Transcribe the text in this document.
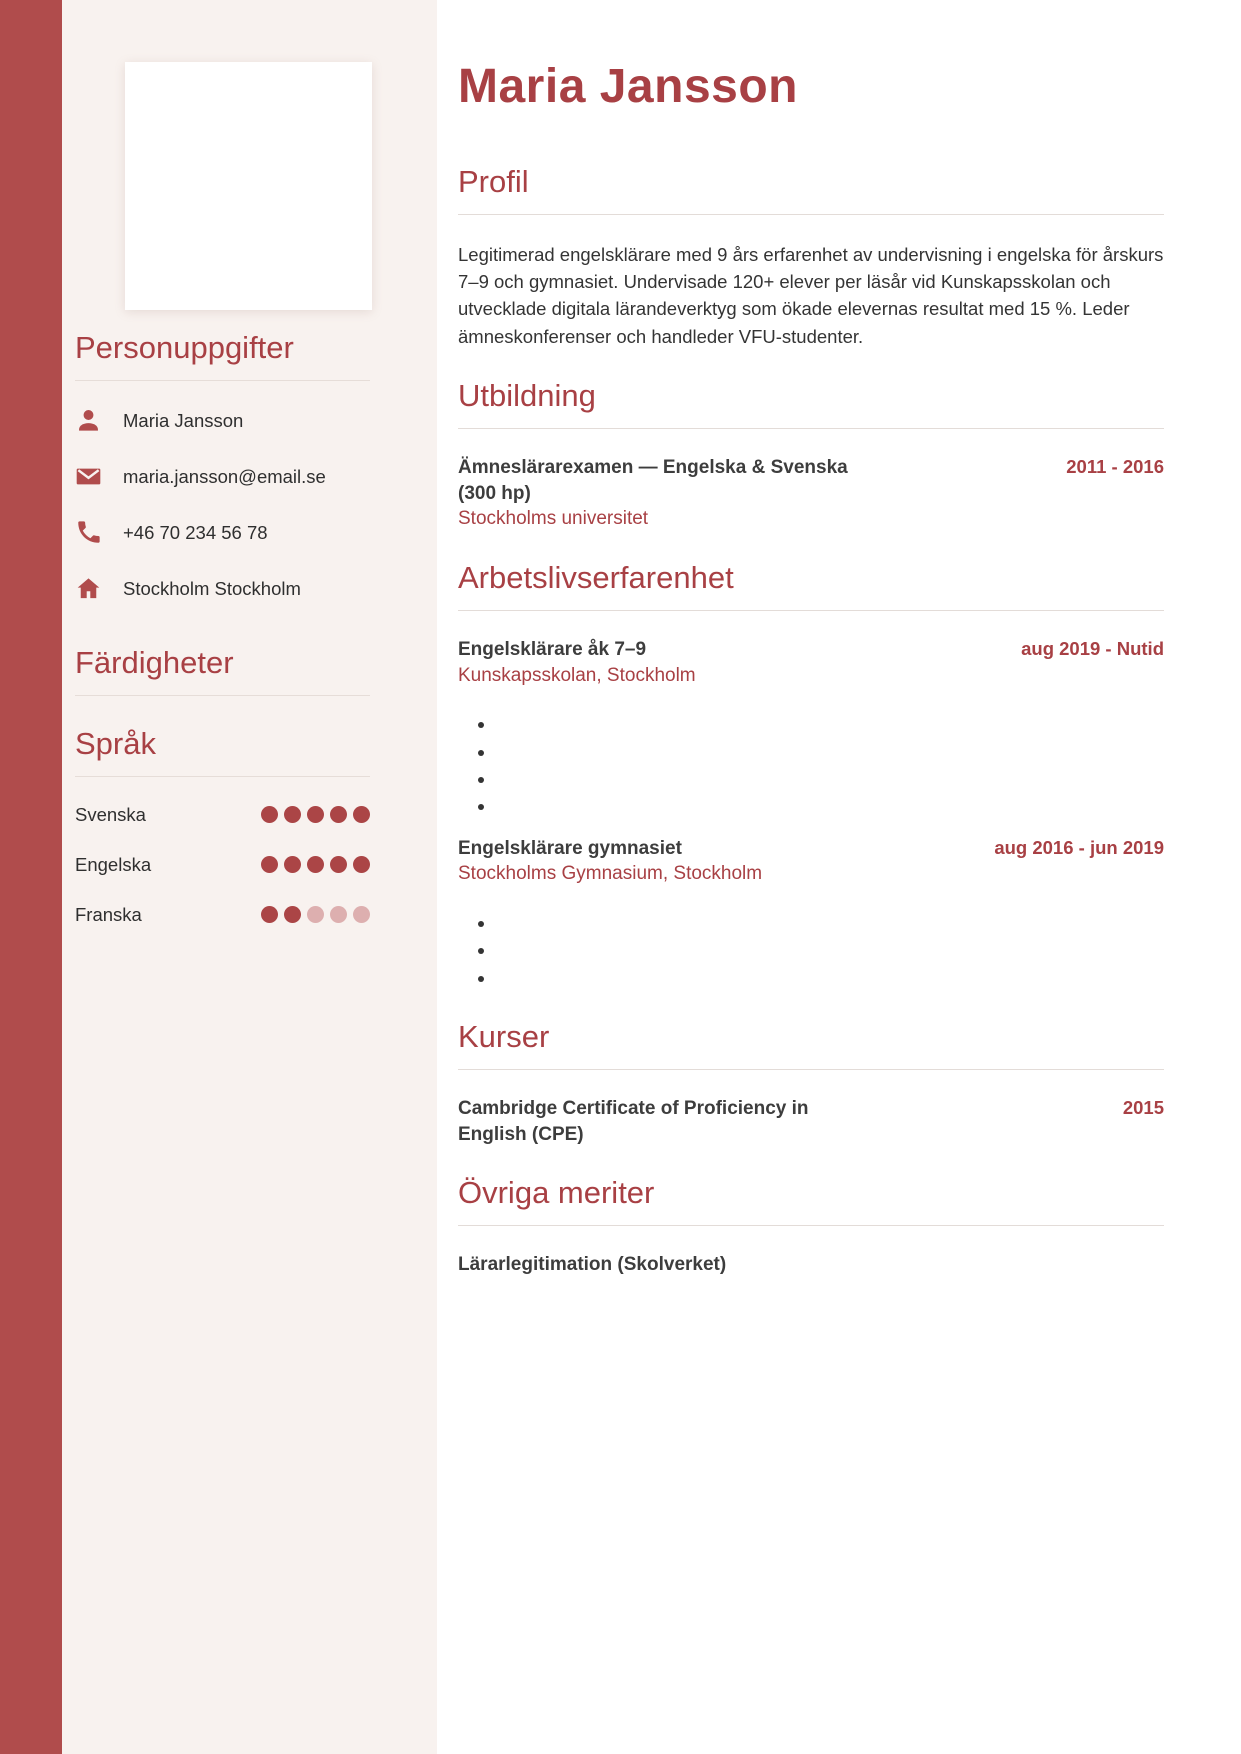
Personuppgifter
Maria Jansson
maria.jansson@email.se
+46 70 234 56 78
Stockholm Stockholm
Färdigheter
Språk
Svenska
Engelska
Franska
Maria Jansson
Profil

Legitimerad engelsklärare med 9 års erfarenhet av undervisning i engelska för årskurs 7–9 och gymnasiet. Undervisade 120+ elever per läsår vid Kunskapsskolan och utvecklade digitala lärandeverktyg som ökade elevernas resultat med 15 %. Leder ämneskonferenser och handleder VFU-studenter.

Utbildning
Ämneslärarexamen — Engelska & Svenska (300 hp)
Stockholms universitet
2011 - 2016
Arbetslivserfarenhet
Engelsklärare åk 7–9
Kunskapsskolan, Stockholm
aug 2019 - Nutid
•
•
•
•
Engelsklärare gymnasiet
Stockholms Gymnasium, Stockholm
aug 2016 - jun 2019
•
•
•
Kurser
Cambridge Certificate of Proficiency in English (CPE)
2015
Övriga meriter
Lärarlegitimation (Skolverket)
